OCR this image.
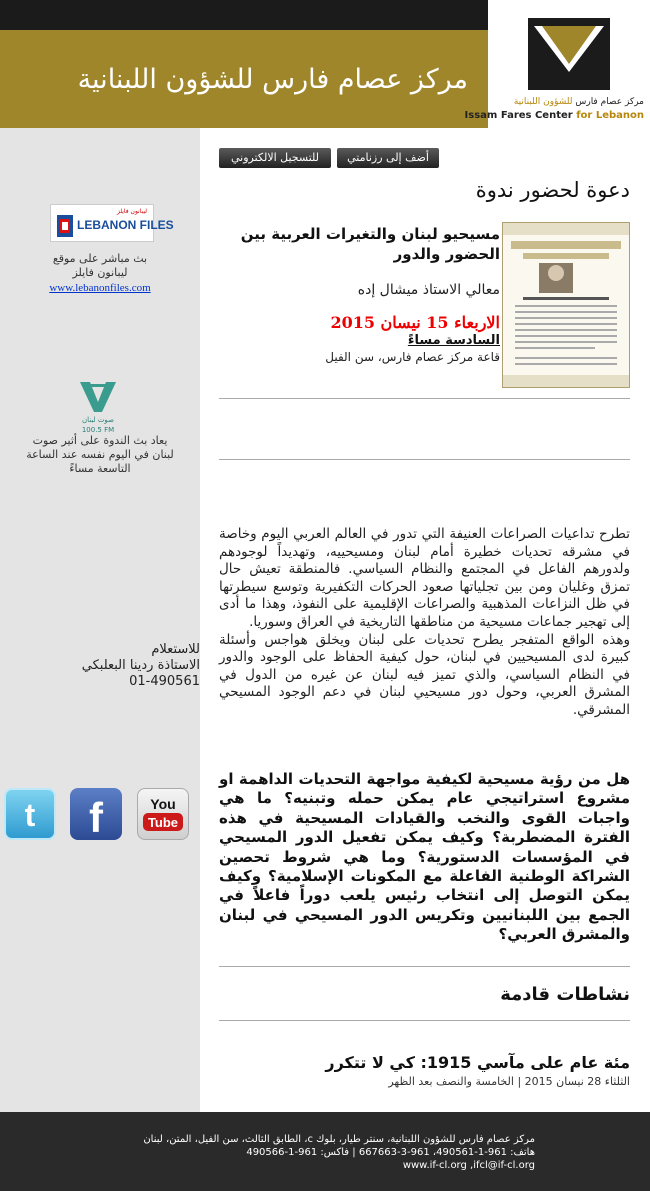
مركز عصام فارس للشؤون اللبنانية
مركز عصام فارس للشؤون اللبنانية
Issam Fares Center for Lebanon
ليبانون فايلز
LEBANON FILES
بث مباشر على موقع
ليبانون فايلز
www.lebanonfiles.com
صوت لبنان
100.5 FM
يعاد بث الندوة على أثير صوت
لبنان في اليوم نفسه عند الساعة
التاسعة مساءً
للاستعلام
الاستاذة ردينا البعلبكي
01-490561
t f	You
Tube
أضف إلى رزنامتي
للتسجيل الالكتروني
دعوة لحضور ندوة
مسيحيو لبنان والتغيرات العربية بين الحضور والدور
معالي الاستاذ ميشال إده
الاربعاء 15 نيسان 2015
السادسة مساءً
قاعة مركز عصام فارس، سن الفيل

تطرح تداعيات الصراعات العنيفة التي تدور في العالم العربي اليوم وخاصة في مشرقه تحديات خطيرة أمام لبنان ومسيحييه، وتهديداً لوجودهم ولدورهم الفاعل في المجتمع والنظام السياسي. فالمنطقة تعيش حال تمزق وغليان ومن بين تجلياتها صعود الحركات التكفيرية وتوسع سيطرتها في ظل النزاعات المذهبية والصراعات الإقليمية على النفوذ، وهذا ما أدى إلى تهجير جماعات مسيحية من مناطقها التاريخية في العراق وسوريا.

وهذه الواقع المتفجر يطرح تحديات على لبنان ويخلق هواجس وأسئلة كبيرة لدى المسيحيين في لبنان، حول كيفية الحفاظ على الوجود والدور في النظام السياسي، والذي تميز فيه لبنان عن غيره من الدول في المشرق العربي، وحول دور مسيحيي لبنان في دعم الوجود المسيحي المشرقي.

هل من رؤية مسيحية لكيفية مواجهة التحديات الداهمة او مشروع استراتيجي عام يمكن حمله وتبنيه؟ ما هي واجبات القوى والنخب والقيادات المسيحية في هذه الفترة المضطربة؟ وكيف يمكن تفعيل الدور المسيحي في المؤسسات الدستورية؟ وما هي شروط تحصين الشراكة الوطنية الفاعلة مع المكونات الإسلامية؟ وكيف يمكن التوصل إلى انتخاب رئيس يلعب دوراً فاعلاً في الجمع بين اللبنانيين وتكريس الدور المسيحي في لبنان والمشرق العربي؟
نشاطات قادمة
مئة عام على مآسي 1915: كي لا تتكرر
الثلثاء 28 نيسان 2015 | الخامسة والنصف بعد الظهر
مركز عصام فارس للشؤون اللبنانية، سنتر طيار، بلوك c، الطابق الثالث، سن الفيل، المتن، لبنان
هاتف: 961-1-490561، 961-3-667663 | فاكس: 961-1-490566
www.if-cl.org ,ifcl@if-cl.org
